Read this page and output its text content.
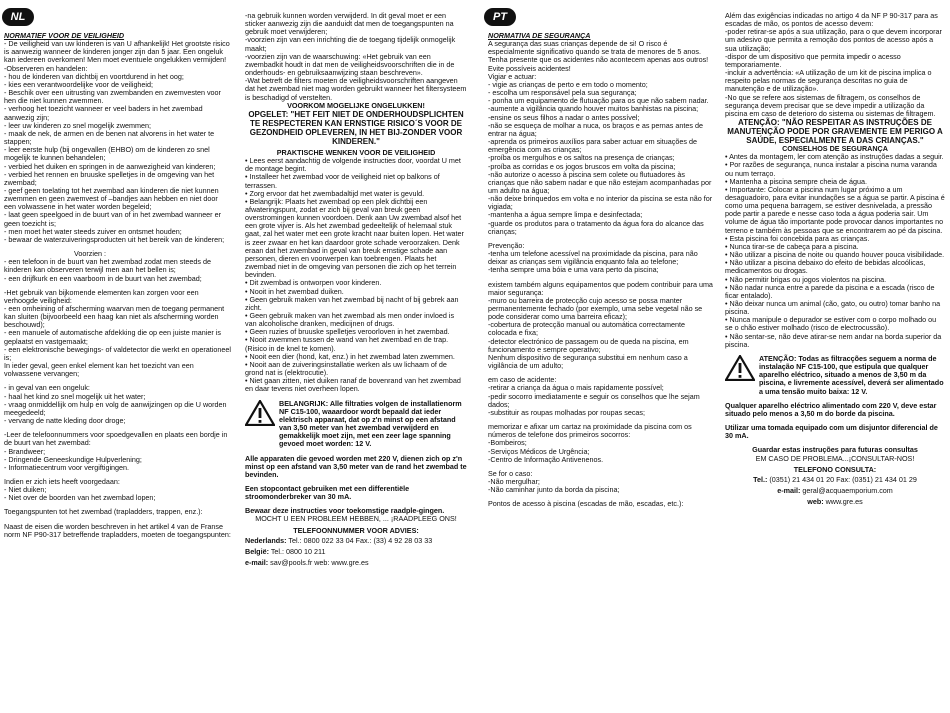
NL

NORMATIEF VOOR DE VEILIGHEID

- De veiligheid van uw kinderen is van U afhankelijk! Het grootste risico is aanwezig wanneer de kinderen jonger zijn dan 5 jaar. Een ongeluk kan iedereen overkomen! Men moet eventuele ongelukken vermijden!
-Observeren en handelen:
- hou de kinderen van dichtbij en voortdurend in het oog;
- kies een verantwoordelijke voor de veiligheid;
- Beschik over een uitrusting van zwembanden en zwemvesten voor hen die niet kunnen zwemmen.
- verhoog het toezicht wanneer er veel baders in het zwembad aanwezig zijn;
- leer uw kinderen zo snel mogelijk zwemmen;
- maak de nek, de armen en de benen nat alvorens in het water te stappen;
- leer eerste hulp (bij ongevallen (EHBO) om de kinderen zo snel mogelijk te kunnen behandelen;
- verbied het duiken en springen in de aanwezigheid van kinderen;
- verbied het rennen en bruuske spelletjes in de omgeving van het zwembad;
- geef geen toelating tot het zwembad aan kinderen die niet kunnen zwemmen en geen zwemvest of –bandjes aan hebben en niet door een volwassene in het water worden begeleid;
- laat geen speelgoed in de buurt van of in het zwembad wanneer er geen toezicht is;
- men moet het water steeds zuiver en ontsmet houden;
- bewaar de waterzuiveringsproducten uit het bereik van de kinderen;

Voorzien :

- een telefoon in de buurt van het zwembad zodat men steeds de kinderen kan observeren terwijl men aan het bellen is;
- een drijfkurk en een vaarboom in de buurt van het zwembad;

-Het gebruik van bijkomende elementen kan zorgen voor een verhoogde veiligheid:
- een omheining of afscherming waarvan men de toegang permanent kan sluiten (bijvoorbeeld een haag kan niet als afscherming worden beschouwd);
- een manuele of automatische afdekking die op een juiste manier is geplaatst en vastgemaakt;
- een elektronische bewegings- of valdetector die werkt en operationeel is;
In ieder geval, geen enkel element kan het toezicht van een volwassene vervangen;

- in geval van een ongeluk:
- haal het kind zo snel mogelijk uit het water;
- vraag onmiddellijk om hulp en volg de aanwijzingen op die U worden meegedeeld;
- vervang de natte kleding door droge;

-Leer de telefoonnummers voor spoedgevallen en plaats een bordje in de buurt van het zwembad:
- Brandweer;
- Dringende Geneeskundige Hulpverlening;
- Informatiecentrum voor vergiftigingen.

Indien er zich iets heeft voorgedaan:
- Niet duiken;
- Niet over de boorden van het zwembad lopen;

Toegangspunten tot het zwembad (trapladders, trappen, enz.):

Naast de eisen die worden beschreven in het artikel 4 van de Franse norm NF P90-317 betreffende trapladders, moeten de toegangspunten:

-na gebruik kunnen worden verwijderd. In dit geval moet er een sticker aanwezig zijn die aanduidt dat men de toegangspunten na gebruik moet verwijderen;
-voorzien zijn van een inrichting die de toegang tijdelijk onmogelijk maakt;
-voorzien zijn van de waarschuwing: «Het gebruik van een zwembadkit houdt in dat men de veiligheidsvoorschriften die in de onderhouds- en gebruiksaanwijzing staan beschreven».
-Wat betreft de filters moeten de veiligheidsvoorschriften aangeven dat het zwembad niet mag worden gebruikt wanneer het filtersysteem is beschadigd of verstelten.

VOORKOM MOGELIJKE ONGELUKKEN!

OPGELET: "HET FEIT NIET DE ONDERHOUDSPLICHTEN TE RESPECTEREN KAN ERNSTIGE RISICO´S VOOR DE GEZONDHEID OPLEVEREN, IN HET BIJ-ZONDER VOOR KINDEREN."

PRAKTISCHE WENKEN VOOR DE VEILIGHEID

• Lees eerst aandachtig de volgende instructies door, voordat U met de montage begint.
• Installeer het zwembad voor de veiligheid niet op balkons of terrassen.
• Zorg ervoor dat het zwembadaltijd met water is gevuld.
• Belangrijk: Plaats het zwembad op een plek dichtbij een afwateringspunt, zodat er zich bij geval van breuk geen overstromingen kunnen voordoen. Denk aan Uw zwembad alsof het een grote vijver is. Als het zwembad gedeeltelijk of helemaal stuk gaat, zal het water met een grote kracht naar buiten lopen. Het water is zeer zwaar en het kan daardoor grote schade veroorzaken. Denk eraan dat het zwembad in geval van breuk ernstige schade aan personen, dieren en voorwerpen kan toebrengen. Plaats het zwembad niet in de omgeving van personen die zich op het terrein bevinden.
• Dit zwembad is ontworpen voor kinderen.
• Nooit in het zwembad duiken.
• Geen gebruik maken van het zwembad bij nacht of bij gebrek aan zicht.
• Geen gebruik maken van het zwembad als men onder invloed is van alcoholische dranken, medicijnen of drugs.
• Geen ruzies of bruuske spelletjes veroorloven in het zwembad.
• Nooit zwemmen tussen de wand van het zwembad en de trap.(Risico in de knel te komen).
• Nooit een dier (hond, kat, enz.) in het zwembad laten zwemmen.
• Nooit aan de zuiveringsinstallatie werken als uw lichaam of de grond nat is (elektrocutie).
• Niet gaan zitten, niet duiken ranaf de bovenrand van het zwembad en daar tevens niet overheen lopen.

BELANGRIJK: Alle filtraties volgen de installatienorm NF C15-100, waaardoor wordt bepaald dat ieder elektrisch apparaat, dat op z'n minst op een afstand van 3,50 meter van het zwembad verwijderd en gemakkelijk moet zijn, met een zeer lage spanning gevoed moet worden: 12 V.

Alle apparaten die gevoed worden met 220 V, dienen zich op z'n minst op een afstand van 3,50 meter van de rand het zwembad te bevinden.

Een stopcontact gebruiken met een differentiële stroomonderbreker van 30 mA.

Bewaar deze instructies voor toekomstige raadple-gingen.

MOCHT U EEN PROBLEEM HEBBEN, ... ¡RAADPLEEG ONS!

TELEFOONNUMMER VOOR ADVIES:

Nederlands: Tel.: 0800 022 33 04 Fax.: (33) 4 92 28 03 33

België: Tel.: 0800 10 211

e-mail: sav@pools.fr web: www.gre.es

PT

NORMATIVA DE SEGURANÇA

A segurança das suas crianças depende de si! O risco é especialmente significativo quando se trata de menores de 5 anos. Tenha presente que os acidentes não acontecem apenas aos outros! Evite possíveis acidentes!
Vigiar e actuar:
- vigie as crianças de perto e em todo o momento;
- escolha um responsável pela sua segurança;
- ponha um equipamento de flutuação para os que não sabem nadar.
-aumente a vigilância quando houver muitos banhistas na piscina;
-ensine os seus filhos a nadar o antes possível;
-não se esqueça de molhar a nuca, os braços e as pernas antes de entrar na água;
-aprenda os primeiros auxílios para saber actuar em situações de emergência com as crianças;
-proíba os mergulhos e os saltos na presença de crianças;
-proíba as corridas e os jogos bruscos em volta da piscina;
-não autorize o acesso à piscina sem colete ou flutuadores às crianças que não sabem nadar e que não estejam acompanhadas por um adulto na água;
-não deixe brinquedos em volta e no interior da piscina se esta não for vigiada;
-mantenha a água sempre limpa e desinfectada;
-guarde os produtos para o tratamento da água fora do alcance das crianças;

Prevenção:
-tenha um telefone acessível na proximidade da piscina, para não deixar as crianças sem vigilância enquanto fala ao telefone;
-tenha sempre uma bóia e uma vara perto da piscina;

existem também alguns equipamentos que podem contribuir para uma maior segurança:
-muro ou barreira de protecção cujo acesso se possa manter permanentemente fechado (por exemplo, uma sebe vegetal não se pode considerar como uma barreira eficaz);
-cobertura de protecção manual ou automática correctamente colocada e fixa;
-detector electrónico de passagem ou de queda na piscina, em funcionamento e sempre operativo;
Nenhum dispositivo de segurança substitui em nenhum caso a vigilância de um adulto;

em caso de acidente:
-retirar a criança da água o mais rapidamente possível;
-pedir socorro imediatamente e seguir os conselhos que lhe sejam dados;
-substituir as roupas molhadas por roupas secas;

memorizar e afixar um cartaz na proximidade da piscina com os números de telefone dos primeiros socorros:
-Bombeiros;
-Serviços Médicos de Urgência;
-Centro de Informação Antivenenos.

Se for o caso:
-Não mergulhar;
-Não caminhar junto da borda da piscina;

Pontos de acesso à piscina (escadas de mão, escadas, etc.):

Além das exigências indicadas no artigo 4 da NF P 90-317 para as escadas de mão, os pontos de acesso devem:
-poder retirar-se após a sua utilização, para o que devem incorporar um adesivo que permita a remoção dos pontos de acesso após a sua utilização;
-dispor de um dispositivo que permita impedir o acesso temporariamente.
-incluir a advertência: «A utilização de um kit de piscina implica o respeito pelas normas de segurança descritas no guia de manutenção e de utilização».
-No que se refere aos sistemas de filtragem, os conselhos de segurança devem precisar que se deve impedir a utilização da piscina em caso de deterioro do sistema ou sistemas de filtragem.

ATENÇÃO: "NÃO RESPEITAR AS INSTRUÇÕES DE MANUTENÇÃO PODE POR GRAVEMENTE EM PERIGO A SAÚDE, ESPECIALMENTE A DAS CRIANÇAS."

CONSELHOS DE SEGURANÇA

• Antes da montagem, ler com atenção as instruções dadas a seguir.
• Por razões de segurança, nunca instalar a piscina numa varanda ou num terraço.
• Mantenha a piscina sempre cheia de água.
• Importante: Colocar a piscina num lugar próximo a um desaguadoiro, para evitar inundações se a água se partir. A piscina é como uma pequena barragem, se estiver desnivelada, a pressão pode partir a parede e nesse caso toda a água poderia sair. Um volume de água tão importante pode provocar danos importantes no terreno e também às pessoas que se encontrarem ao pé da piscina.
• Esta piscina foi concebida para as crianças.
• Nunca tirar-se de cabeça para a piscina.
• Não utilizar a piscina de noite ou quando houver pouca visibilidade.
• Não utilizar a piscina debaixo do efeito de bebidas alcoólicas, medicamentos ou drogas.
• Não permitir brigas ou jogos violentos na piscina.
• Não nadar nunca entre a parede da piscina e a escada (risco de ficar entalado).
• Não deixar nunca um animal (cão, gato, ou outro) tomar banho na piscina.
• Nunca manipule o depurador se estiver com o corpo molhado ou se o chão estiver molhado (risco de electrocussão).
• Não sentar-se, não deve atirar-se nem andar na borda superior da piscina.

ATENÇÃO: Todas as filtracções seguem a norma de instalação NF C15-100, que estipula que qualquer aparelho eléctrico, situado a menos de 3,50 m da piscina, e livremente acessível, deverá ser alimentado a uma tensão muito baixa: 12 V.

Qualquer aparelho eléctrico alimentado com 220 V, deve estar situado pelo menos a 3,50 m do borde da piscina.

Utilizar uma tomada equipado com um disjuntor diferencial de 30 mA.

Guardar estas instruções para futuras consultas

EM CASO DE PROBLEMA...¡CONSULTAR-NOS!

TELEFONO CONSULTA:

Tel.: (0351) 21 434 01 20 Fax: (0351) 21 434 01 29

e-mail: geral@acquaemporium.com

web: www.gre.es
